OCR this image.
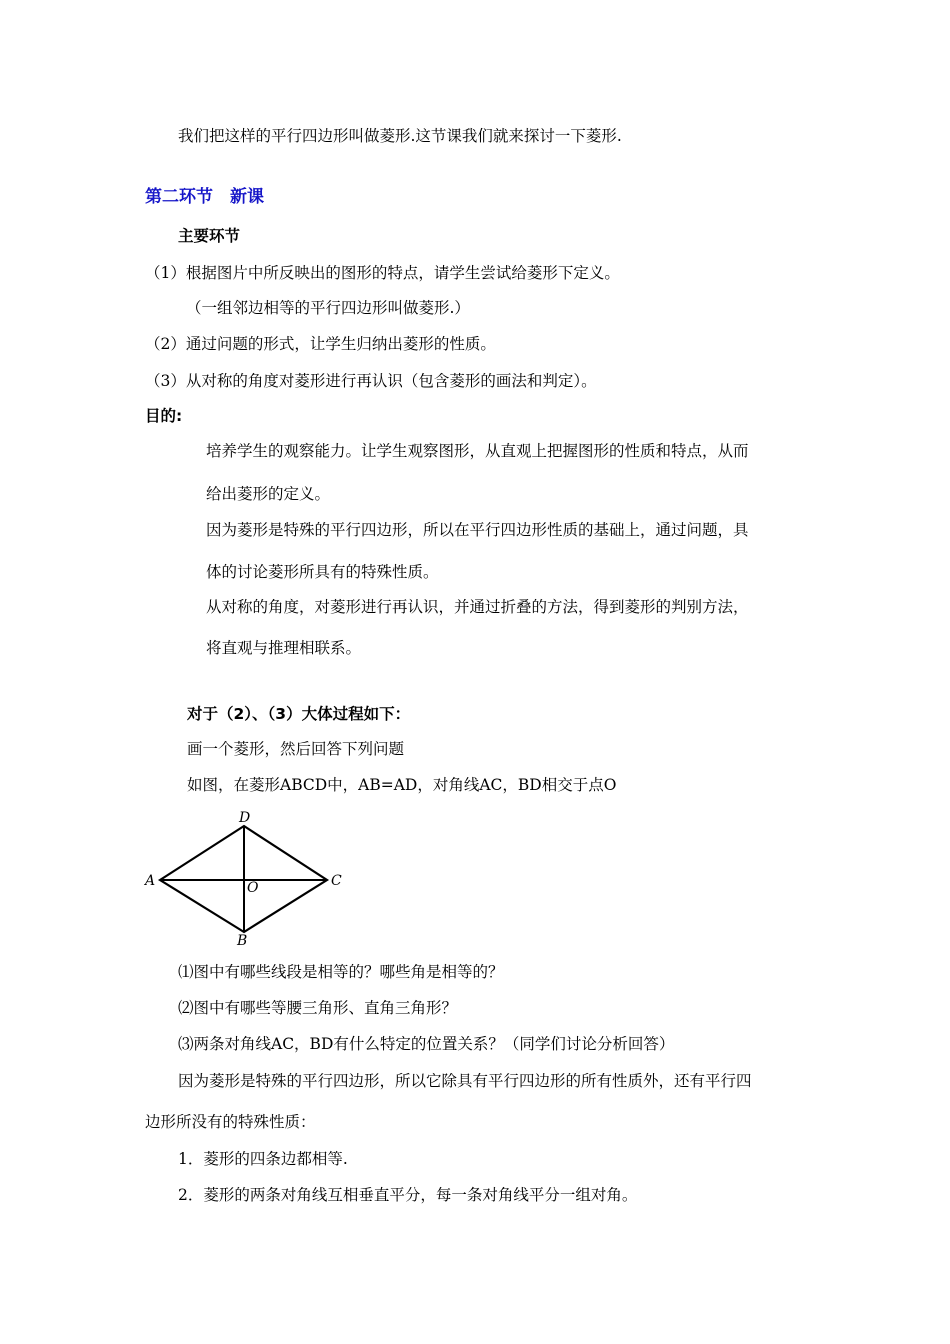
我们把这样的平行四边形叫做菱形.这节课我们就来探讨一下菱形.
第二环节　新课
主要环节
（1）根据图片中所反映出的图形的特点，请学生尝试给菱形下定义。
（一组邻边相等的平行四边形叫做菱形.）
（2）通过问题的形式，让学生归纳出菱形的性质。
（3）从对称的角度对菱形进行再认识（包含菱形的画法和判定）。
目的:
培养学生的观察能力。让学生观察图形，从直观上把握图形的性质和特点，从而
给出菱形的定义。
因为菱形是特殊的平行四边形，所以在平行四边形性质的基础上，通过问题，具
体的讨论菱形所具有的特殊性质。
从对称的角度，对菱形进行再认识，并通过折叠的方法，得到菱形的判别方法，
将直观与推理相联系。
对于（2）、（3）大体过程如下：
画一个菱形，然后回答下列问题
如图，在菱形ABCD中，AB=AD，对角线AC，BD相交于点O
A
B
C
D
O
⑴图中有哪些线段是相等的？哪些角是相等的？
⑵图中有哪些等腰三角形、直角三角形？
⑶两条对角线AC，BD有什么特定的位置关系？（同学们讨论分析回答）
因为菱形是特殊的平行四边形，所以它除具有平行四边形的所有性质外，还有平行四
边形所没有的特殊性质：
1．菱形的四条边都相等.
2．菱形的两条对角线互相垂直平分，每一条对角线平分一组对角。
